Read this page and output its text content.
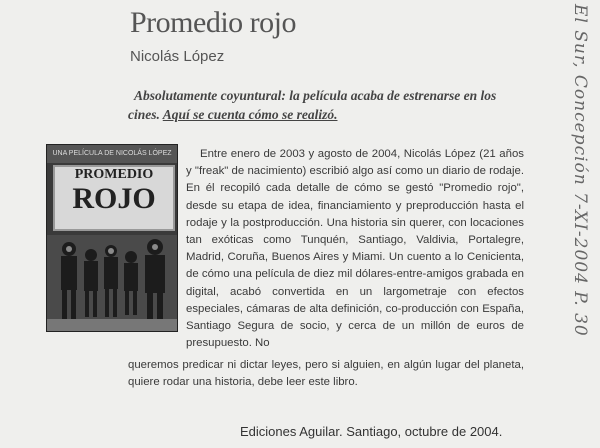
Promedio rojo
Nicolás López
Absolutamente coyuntural: la película acaba de estrenarse en los cines. Aquí se cuenta cómo se realizó.
UNA PELÍCULA DE NICOLÁS LÓPEZ
PROMEDIO
ROJO
Entre enero de 2003 y agosto de 2004, Nicolás López (21 años y "freak" de nacimiento) escribió algo así como un diario de rodaje. En él recopiló cada detalle de cómo se gestó "Promedio rojo", desde su etapa de idea, financiamiento y preproducción hasta el rodaje y la postproducción. Una historia sin querer, con locaciones tan exóticas como Tunquén, Santiago, Valdivia, Portalegre, Madrid, Coruña, Buenos Aires y Miami. Un cuento a lo Cenicienta, de cómo una película de diez mil dólares-entre-amigos grabada en digital, acabó convertida en un largometraje con efectos especiales, cámaras de alta definición, co-producción con España, Santiago Segura de socio, y cerca de un millón de euros de presupuesto. No
queremos predicar ni dictar leyes, pero si alguien, en algún lugar del planeta, quiere rodar una historia, debe leer este libro.
Ediciones Aguilar. Santiago, octubre de 2004.
El Sur, Concepción 7-XI-2004 P. 30
